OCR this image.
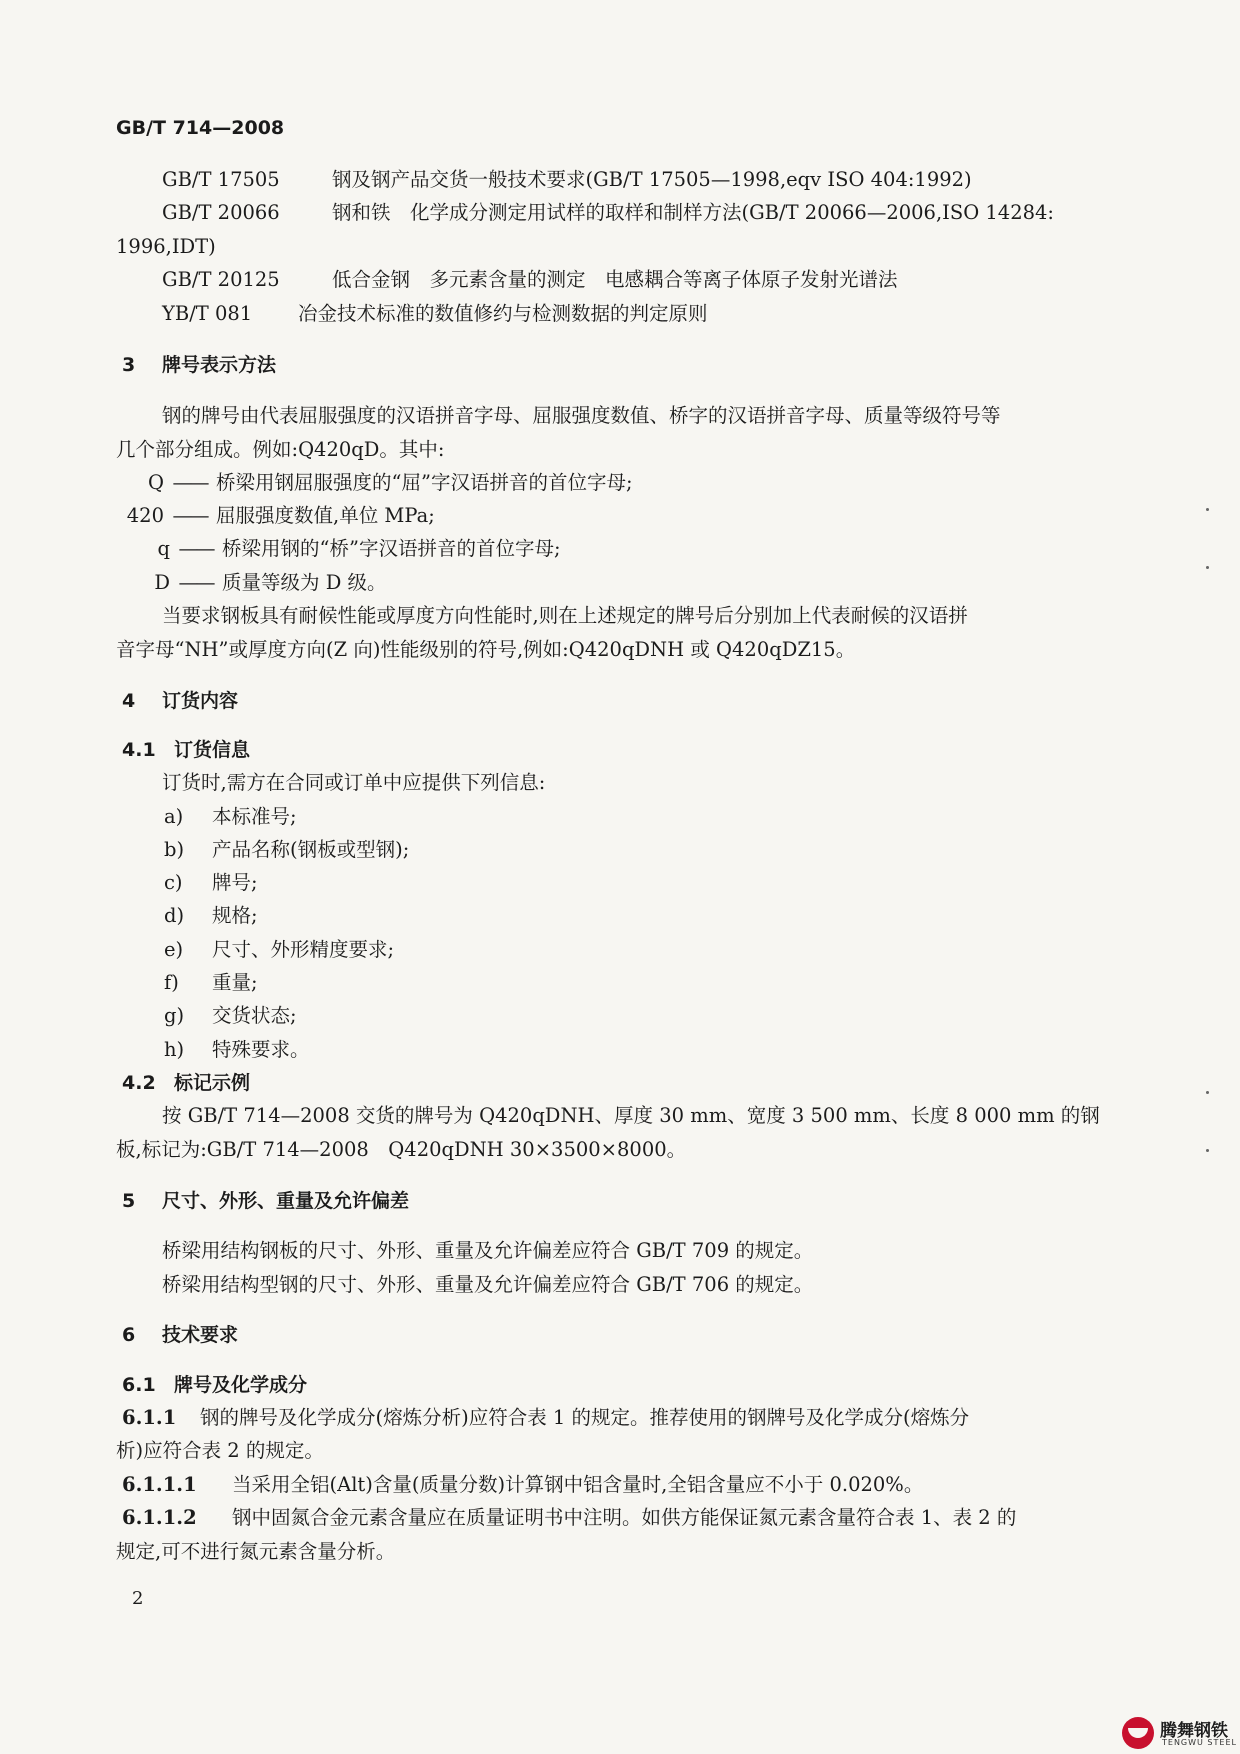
GB/T 714—2008
GB/T 17505	钢及钢产品交货一般技术要求(GB/T 17505—1998,eqv ISO 404:1992)
GB/T 20066	钢和铁　化学成分测定用试样的取样和制样方法(GB/T 20066—2006,ISO 14284:
1996,IDT)
GB/T 20125	低合金钢　多元素含量的测定　电感耦合等离子体原子发射光谱法
YB/T 081 冶金技术标准的数值修约与检测数据的判定原则
3 牌号表示方法
钢的牌号由代表屈服强度的汉语拼音字母、屈服强度数值、桥字的汉语拼音字母、质量等级符号等
几个部分组成。例如:Q420qD。其中:
Q —— 桥梁用钢屈服强度的“屈”字汉语拼音的首位字母;
420 —— 屈服强度数值,单位 MPa;
q —— 桥梁用钢的“桥”字汉语拼音的首位字母;
D —— 质量等级为 D 级。
当要求钢板具有耐候性能或厚度方向性能时,则在上述规定的牌号后分别加上代表耐候的汉语拼
音字母“NH”或厚度方向(Z 向)性能级别的符号,例如:Q420qDNH 或 Q420qDZ15。
4 订货内容
4.1 订货信息
订货时,需方在合同或订单中应提供下列信息:
a) 本标准号;
b) 产品名称(钢板或型钢);
c) 牌号;
d) 规格;
e) 尺寸、外形精度要求;
f) 重量;
g) 交货状态;
h) 特殊要求。
4.2 标记示例
按 GB/T 714—2008 交货的牌号为 Q420qDNH、厚度 30 mm、宽度 3 500 mm、长度 8 000 mm 的钢
板,标记为:GB/T 714—2008　Q420qDNH 30×3500×8000。
5 尺寸、外形、重量及允许偏差
桥梁用结构钢板的尺寸、外形、重量及允许偏差应符合 GB/T 709 的规定。
桥梁用结构型钢的尺寸、外形、重量及允许偏差应符合 GB/T 706 的规定。
6 技术要求
6.1 牌号及化学成分
6.1.1 钢的牌号及化学成分(熔炼分析)应符合表 1 的规定。推荐使用的钢牌号及化学成分(熔炼分
析)应符合表 2 的规定。
6.1.1.1 当采用全铝(Alt)含量(质量分数)计算钢中铝含量时,全铝含量应不小于 0.020%。
6.1.1.2 钢中固氮合金元素含量应在质量证明书中注明。如供方能保证氮元素含量符合表 1、表 2 的
规定,可不进行氮元素含量分析。
2
腾舞钢铁
TENGWU STEEL
